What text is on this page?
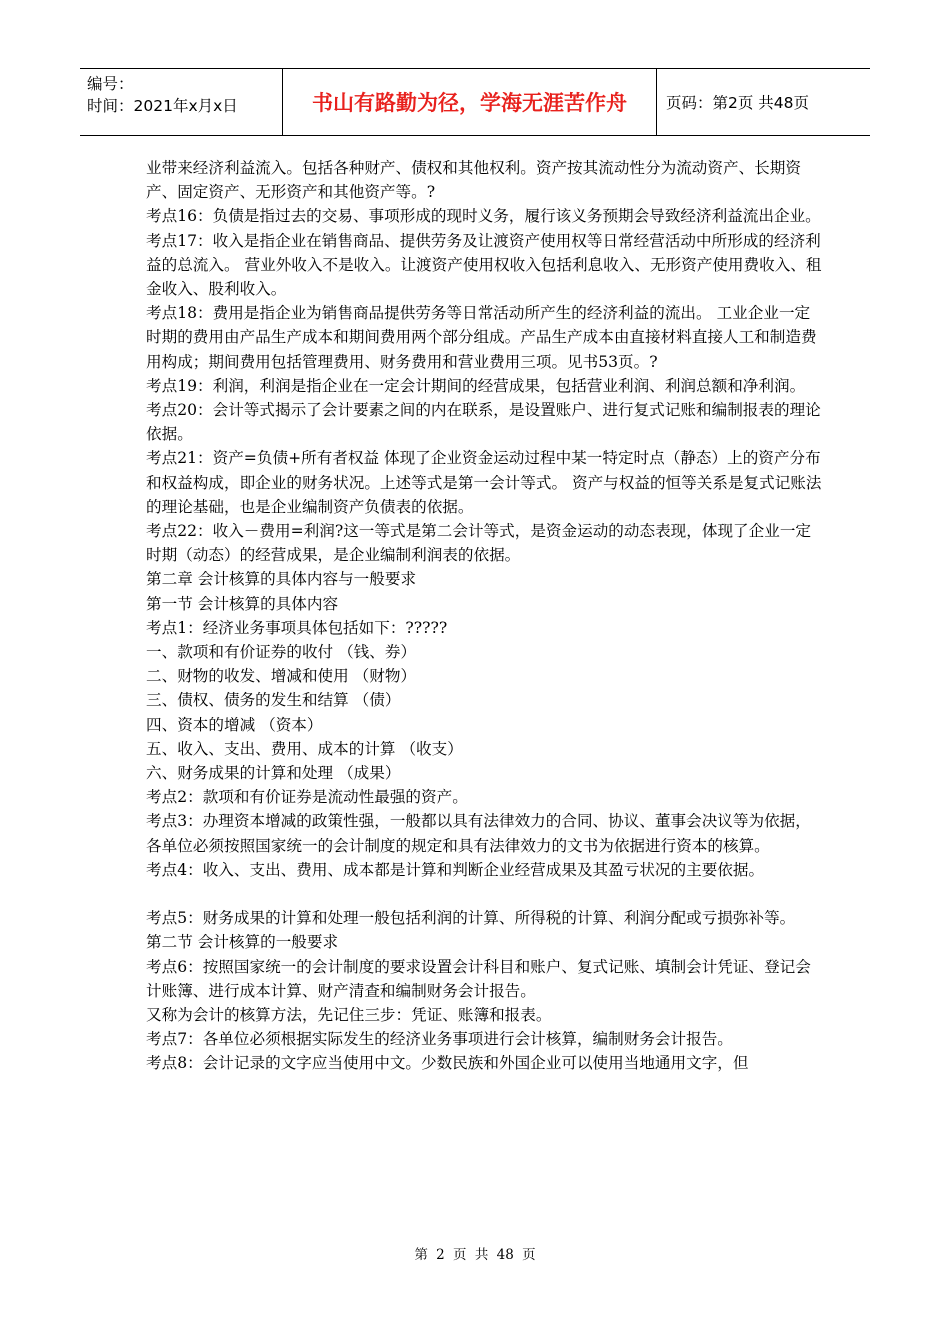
编号：
时间：2021年x月x日	书山有路勤为径，学海无涯苦作舟	页码：第2页 共48页

业带来经济利益流入。包括各种财产、债权和其他权利。资产按其流动性分为流动资产、长期资产、固定资产、无形资产和其他资产等。?

考点16：负债是指过去的交易、事项形成的现时义务，履行该义务预期会导致经济利益流出企业。

考点17：收入是指企业在销售商品、提供劳务及让渡资产使用权等日常经营活动中所形成的经济利益的总流入。 营业外收入不是收入。让渡资产使用权收入包括利息收入、无形资产使用费收入、租金收入、股利收入。

考点18：费用是指企业为销售商品提供劳务等日常活动所产生的经济利益的流出。 工业企业一定时期的费用由产品生产成本和期间费用两个部分组成。产品生产成本由直接材料直接人工和制造费用构成；期间费用包括管理费用、财务费用和营业费用三项。见书53页。?

考点19：利润，利润是指企业在一定会计期间的经营成果，包括营业利润、利润总额和净利润。

考点20：会计等式揭示了会计要素之间的内在联系，是设置账户、进行复式记账和编制报表的理论依据。

考点21：资产=负债+所有者权益 体现了企业资金运动过程中某一特定时点（静态）上的资产分布和权益构成，即企业的财务状况。上述等式是第一会计等式。 资产与权益的恒等关系是复式记账法的理论基础，也是企业编制资产负债表的依据。

考点22：收入－费用=利润?这一等式是第二会计等式，是资金运动的动态表现，体现了企业一定时期（动态）的经营成果，是企业编制利润表的依据。

第二章 会计核算的具体内容与一般要求

第一节 会计核算的具体内容

考点1：经济业务事项具体包括如下：?????

一、款项和有价证券的收付 （钱、券）

二、财物的收发、增减和使用 （财物）

三、债权、债务的发生和结算 （债）

四、资本的增减 （资本）

五、收入、支出、费用、成本的计算 （收支）

六、财务成果的计算和处理 （成果）

考点2：款项和有价证券是流动性最强的资产。

考点3：办理资本增减的政策性强，一般都以具有法律效力的合同、协议、董事会决议等为依据，各单位必须按照国家统一的会计制度的规定和具有法律效力的文书为依据进行资本的核算。

考点4：收入、支出、费用、成本都是计算和判断企业经营成果及其盈亏状况的主要依据。

考点5：财务成果的计算和处理一般包括利润的计算、所得税的计算、利润分配或亏损弥补等。

第二节 会计核算的一般要求

考点6：按照国家统一的会计制度的要求设置会计科目和账户、复式记账、填制会计凭证、登记会计账簿、进行成本计算、财产清查和编制财务会计报告。

又称为会计的核算方法，先记住三步：凭证、账簿和报表。

考点7：各单位必须根据实际发生的经济业务事项进行会计核算，编制财务会计报告。

考点8：会计记录的文字应当使用中文。少数民族和外国企业可以使用当地通用文字，但

第 2 页 共 48 页
